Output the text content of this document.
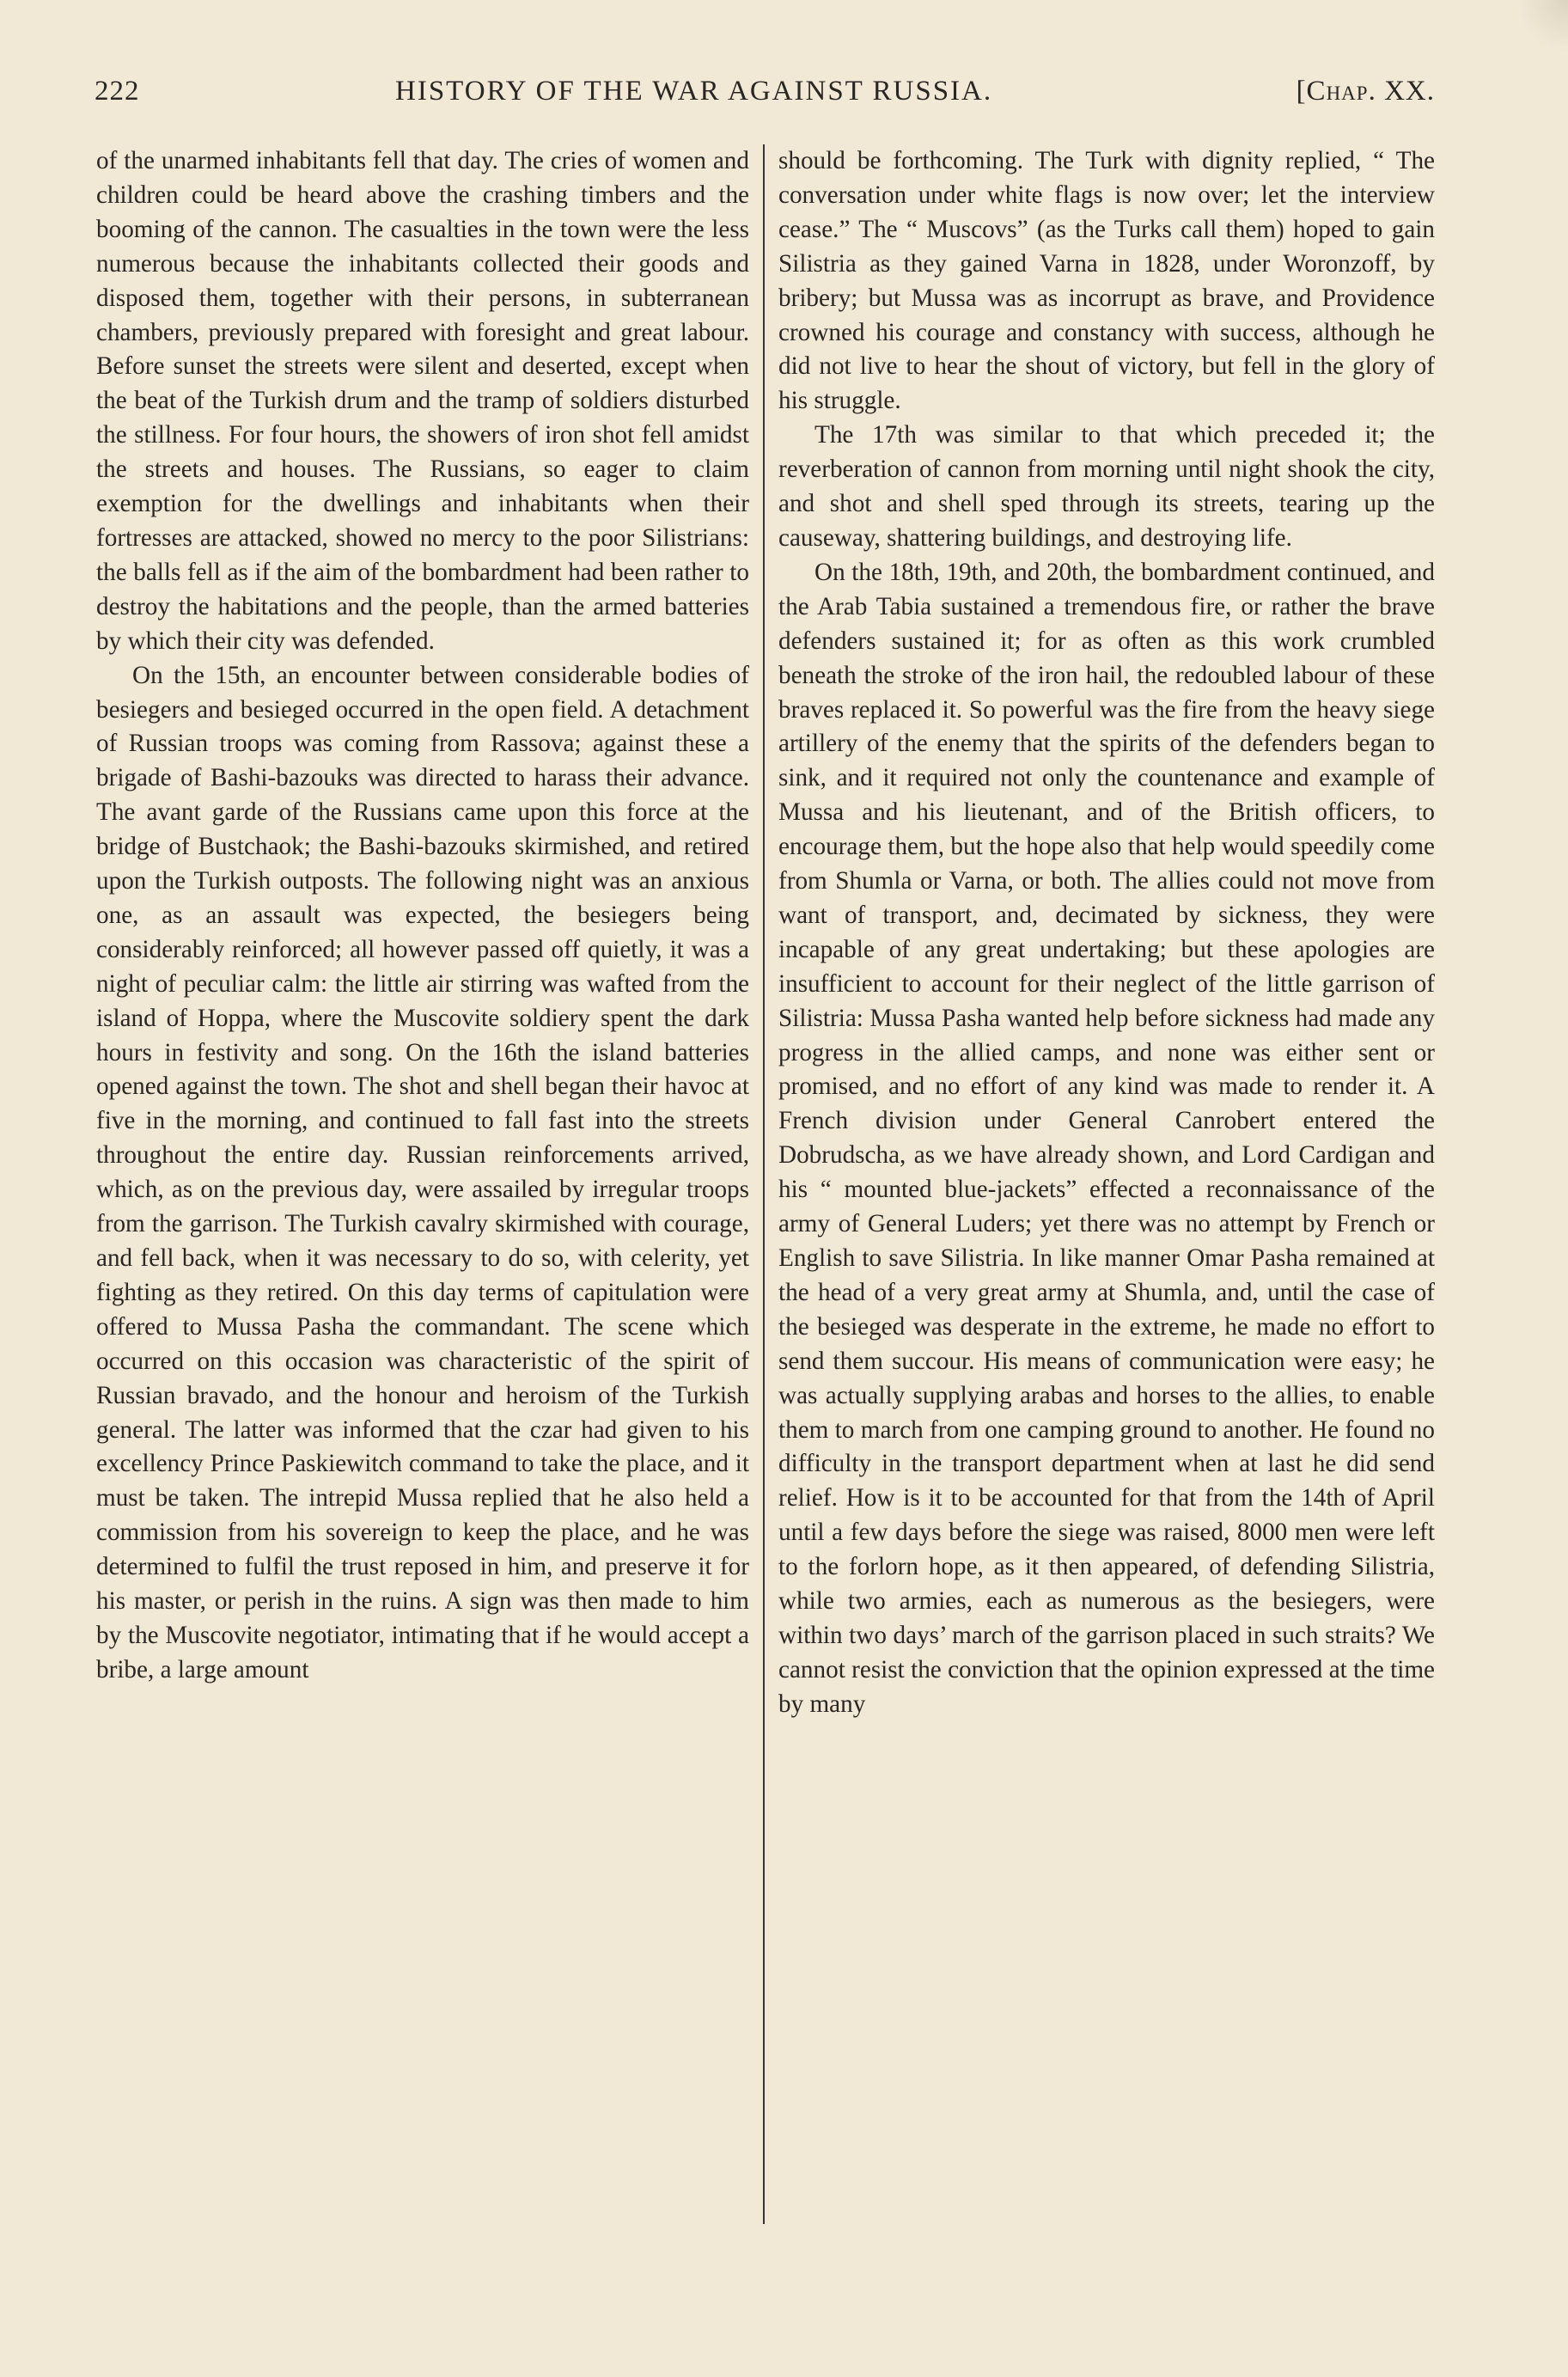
222	HISTORY OF THE WAR AGAINST RUSSIA.	[Chap. XX.

of the unarmed inhabitants fell that day. The cries of women and children could be heard above the crashing timbers and the booming of the cannon. The casualties in the town were the less numerous because the inhabitants collected their goods and disposed them, together with their persons, in subterranean chambers, previously prepared with foresight and great labour. Before sunset the streets were silent and deserted, except when the beat of the Turkish drum and the tramp of soldiers disturbed the stillness. For four hours, the showers of iron shot fell amidst the streets and houses. The Russians, so eager to claim exemption for the dwellings and inhabitants when their fortresses are attacked, showed no mercy to the poor Silistrians: the balls fell as if the aim of the bombardment had been rather to destroy the habitations and the people, than the armed batteries by which their city was defended.

On the 15th, an encounter between considerable bodies of besiegers and besieged occurred in the open field. A detachment of Russian troops was coming from Rassova; against these a brigade of Bashi-bazouks was directed to harass their advance. The avant garde of the Russians came upon this force at the bridge of Bustchaok; the Bashi-bazouks skirmished, and retired upon the Turkish outposts. The following night was an anxious one, as an assault was expected, the besiegers being considerably reinforced; all however passed off quietly, it was a night of peculiar calm: the little air stirring was wafted from the island of Hoppa, where the Muscovite soldiery spent the dark hours in festivity and song. On the 16th the island batteries opened against the town. The shot and shell began their havoc at five in the morning, and continued to fall fast into the streets throughout the entire day. Russian reinforcements arrived, which, as on the previous day, were assailed by irregular troops from the garrison. The Turkish cavalry skirmished with courage, and fell back, when it was necessary to do so, with celerity, yet fighting as they retired. On this day terms of capitulation were offered to Mussa Pasha the commandant. The scene which occurred on this occasion was characteristic of the spirit of Russian bravado, and the honour and heroism of the Turkish general. The latter was informed that the czar had given to his excellency Prince Paskiewitch command to take the place, and it must be taken. The intrepid Mussa replied that he also held a commission from his sovereign to keep the place, and he was determined to fulfil the trust reposed in him, and preserve it for his master, or perish in the ruins. A sign was then made to him by the Muscovite negotiator, intimating that if he would accept a bribe, a large amount

should be forthcoming. The Turk with dignity replied, “ The conversation under white flags is now over; let the interview cease.” The “ Muscovs” (as the Turks call them) hoped to gain Silistria as they gained Varna in 1828, under Woronzoff, by bribery; but Mussa was as incorrupt as brave, and Providence crowned his courage and constancy with success, although he did not live to hear the shout of victory, but fell in the glory of his struggle.

The 17th was similar to that which preceded it; the reverberation of cannon from morning until night shook the city, and shot and shell sped through its streets, tearing up the causeway, shattering buildings, and destroying life.

On the 18th, 19th, and 20th, the bombardment continued, and the Arab Tabia sustained a tremendous fire, or rather the brave defenders sustained it; for as often as this work crumbled beneath the stroke of the iron hail, the redoubled labour of these braves replaced it. So powerful was the fire from the heavy siege artillery of the enemy that the spirits of the defenders began to sink, and it required not only the countenance and example of Mussa and his lieutenant, and of the British officers, to encourage them, but the hope also that help would speedily come from Shumla or Varna, or both. The allies could not move from want of transport, and, decimated by sickness, they were incapable of any great undertaking; but these apologies are insufficient to account for their neglect of the little garrison of Silistria: Mussa Pasha wanted help before sickness had made any progress in the allied camps, and none was either sent or promised, and no effort of any kind was made to render it. A French division under General Canrobert entered the Dobrudscha, as we have already shown, and Lord Cardigan and his “ mounted blue-jackets” effected a reconnaissance of the army of General Luders; yet there was no attempt by French or English to save Silistria. In like manner Omar Pasha remained at the head of a very great army at Shumla, and, until the case of the besieged was desperate in the extreme, he made no effort to send them succour. His means of communication were easy; he was actually supplying arabas and horses to the allies, to enable them to march from one camping ground to another. He found no difficulty in the transport department when at last he did send relief. How is it to be accounted for that from the 14th of April until a few days before the siege was raised, 8000 men were left to the forlorn hope, as it then appeared, of defending Silistria, while two armies, each as numerous as the besiegers, were within two days’ march of the garrison placed in such straits? We cannot resist the conviction that the opinion expressed at the time by many
